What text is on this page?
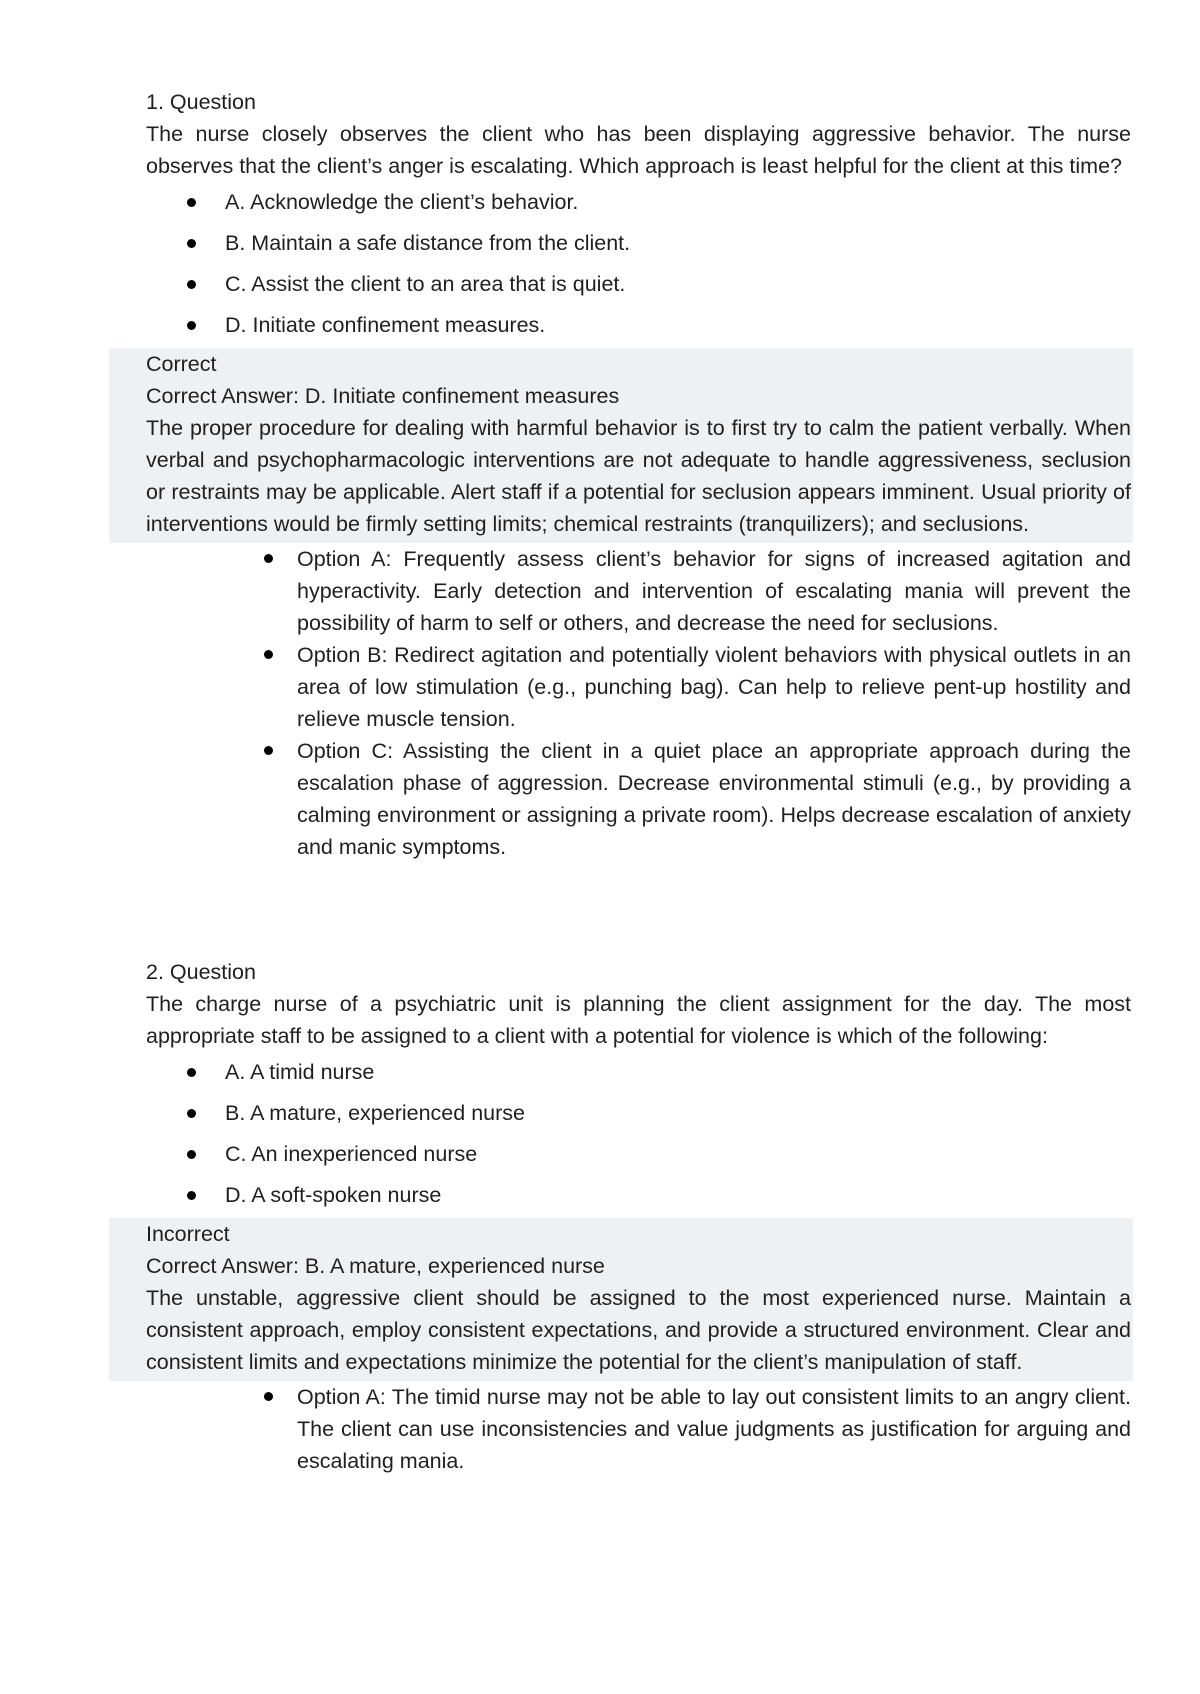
1. Question
The nurse closely observes the client who has been displaying aggressive behavior. The nurse observes that the client’s anger is escalating. Which approach is least helpful for the client at this time?
A. Acknowledge the client’s behavior.
B. Maintain a safe distance from the client.
C. Assist the client to an area that is quiet.
D. Initiate confinement measures.
Correct
Correct Answer: D. Initiate confinement measures
The proper procedure for dealing with harmful behavior is to first try to calm the patient verbally. When verbal and psychopharmacologic interventions are not adequate to handle aggressiveness, seclusion or restraints may be applicable. Alert staff if a potential for seclusion appears imminent. Usual priority of interventions would be firmly setting limits; chemical restraints (tranquilizers); and seclusions.
Option A: Frequently assess client’s behavior for signs of increased agitation and hyperactivity. Early detection and intervention of escalating mania will prevent the possibility of harm to self or others, and decrease the need for seclusions.
Option B: Redirect agitation and potentially violent behaviors with physical outlets in an area of low stimulation (e.g., punching bag). Can help to relieve pent-up hostility and relieve muscle tension.
Option C: Assisting the client in a quiet place an appropriate approach during the escalation phase of aggression. Decrease environmental stimuli (e.g., by providing a calming environment or assigning a private room). Helps decrease escalation of anxiety and manic symptoms.
2. Question
The charge nurse of a psychiatric unit is planning the client assignment for the day. The most appropriate staff to be assigned to a client with a potential for violence is which of the following:
A. A timid nurse
B. A mature, experienced nurse
C. An inexperienced nurse
D. A soft-spoken nurse
Incorrect
Correct Answer: B. A mature, experienced nurse
The unstable, aggressive client should be assigned to the most experienced nurse. Maintain a consistent approach, employ consistent expectations, and provide a structured environment. Clear and consistent limits and expectations minimize the potential for the client’s manipulation of staff.
Option A: The timid nurse may not be able to lay out consistent limits to an angry client. The client can use inconsistencies and value judgments as justification for arguing and escalating mania.
